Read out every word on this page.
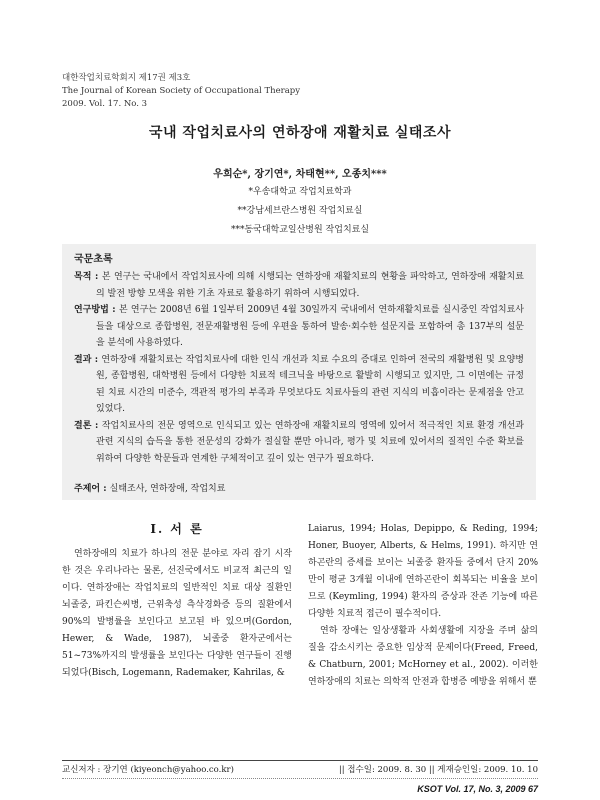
대한작업치료학회지 제17권 제3호
The Journal of Korean Society of Occupational Therapy
2009. Vol. 17. No. 3
국내 작업치료사의 연하장애 재활치료 실태조사
우희순*, 장기연*, 차태현**, 오종치***
*우송대학교 작업치료학과
**강남세브란스병원 작업치료실
***동국대학교일산병원 작업치료실
국문초록
목적 : 본 연구는 국내에서 작업치료사에 의해 시행되는 연하장애 재활치료의 현황을 파악하고, 연하장애 재활치료의 발전 방향 모색을 위한 기초 자료로 활용하기 위하여 시행되었다.
연구방법 : 본 연구는 2008년 6월 1일부터 2009년 4월 30일까지 국내에서 연하재활치료를 실시중인 작업치료사들을 대상으로 종합병원, 전문재활병원 등에 우편을 통하여 발송·회수한 설문지를 포함하여 총 137부의 설문을 분석에 사용하였다.
결과 : 연하장애 재활치료는 작업치료사에 대한 인식 개선과 치료 수요의 증대로 인하여 전국의 재활병원 및 요양병원, 종합병원, 대학병원 등에서 다양한 치료적 테크닉을 바탕으로 활발히 시행되고 있지만, 그 이면에는 규정된 치료 시간의 미준수, 객관적 평가의 부족과 무엇보다도 치료사들의 관련 지식의 비흡이라는 문제점을 안고 있었다.
결론 : 작업치료사의 전문 영역으로 인식되고 있는 연하장애 재활치료의 영역에 있어서 적극적인 치료 환경 개선과 관련 지식의 습득을 통한 전문성의 강화가 절실할 뿐만 아니라, 평가 및 치료에 있어서의 질적인 수준 확보를 위하여 다양한 학문들과 연계한 구체적이고 깊이 있는 연구가 필요하다.
주제어 : 실태조사, 연하장애, 작업치료
Ⅰ. 서 론
연하장애의 치료가 하나의 전문 분야로 자리 잡기 시작한 것은 우리나라는 물론, 선진국에서도 비교적 최근의 일이다. 연하장애는 작업치료의 일반적인 치료 대상 질환인 뇌졸중, 파킨슨씨병, 근위축성 측삭경화증 등의 질환에서 90%의 발병률을 보인다고 보고된 바 있으며(Gordon, Hewer, & Wade, 1987), 뇌졸중 환자군에서는 51~73%까지의 발생률을 보인다는 다양한 연구들이 진행되었다(Bisch, Logemann, Rademaker, Kahrilas, &
Laiarus, 1994; Holas, Depippo, & Reding, 1994; Honer, Buoyer, Alberts, & Helms, 1991). 하지만 연하곤란의 증세를 보이는 뇌졸중 환자들 중에서 단지 20%만이 평균 3개월 이내에 연하곤란이 회복되는 비율을 보이므로 (Keymling, 1994) 환자의 증상과 잔존 기능에 따른 다양한 치료적 접근이 필수적이다.
연하 장애는 일상생활과 사회생활에 지장을 주며 삶의 질을 감소시키는 중요한 임상적 문제이다(Freed, Freed, & Chatburn, 2001; McHorney et al., 2002). 이러한 연하장애의 치료는 의학적 안전과 합병증 예방을 위해서 뿐
교신저자 : 장기연 (kiyeonch@yahoo.co.kr)	|| 접수일: 2009. 8. 30 || 게재승인일: 2009. 10. 10
KSOT Vol. 17, No. 3, 2009 67
